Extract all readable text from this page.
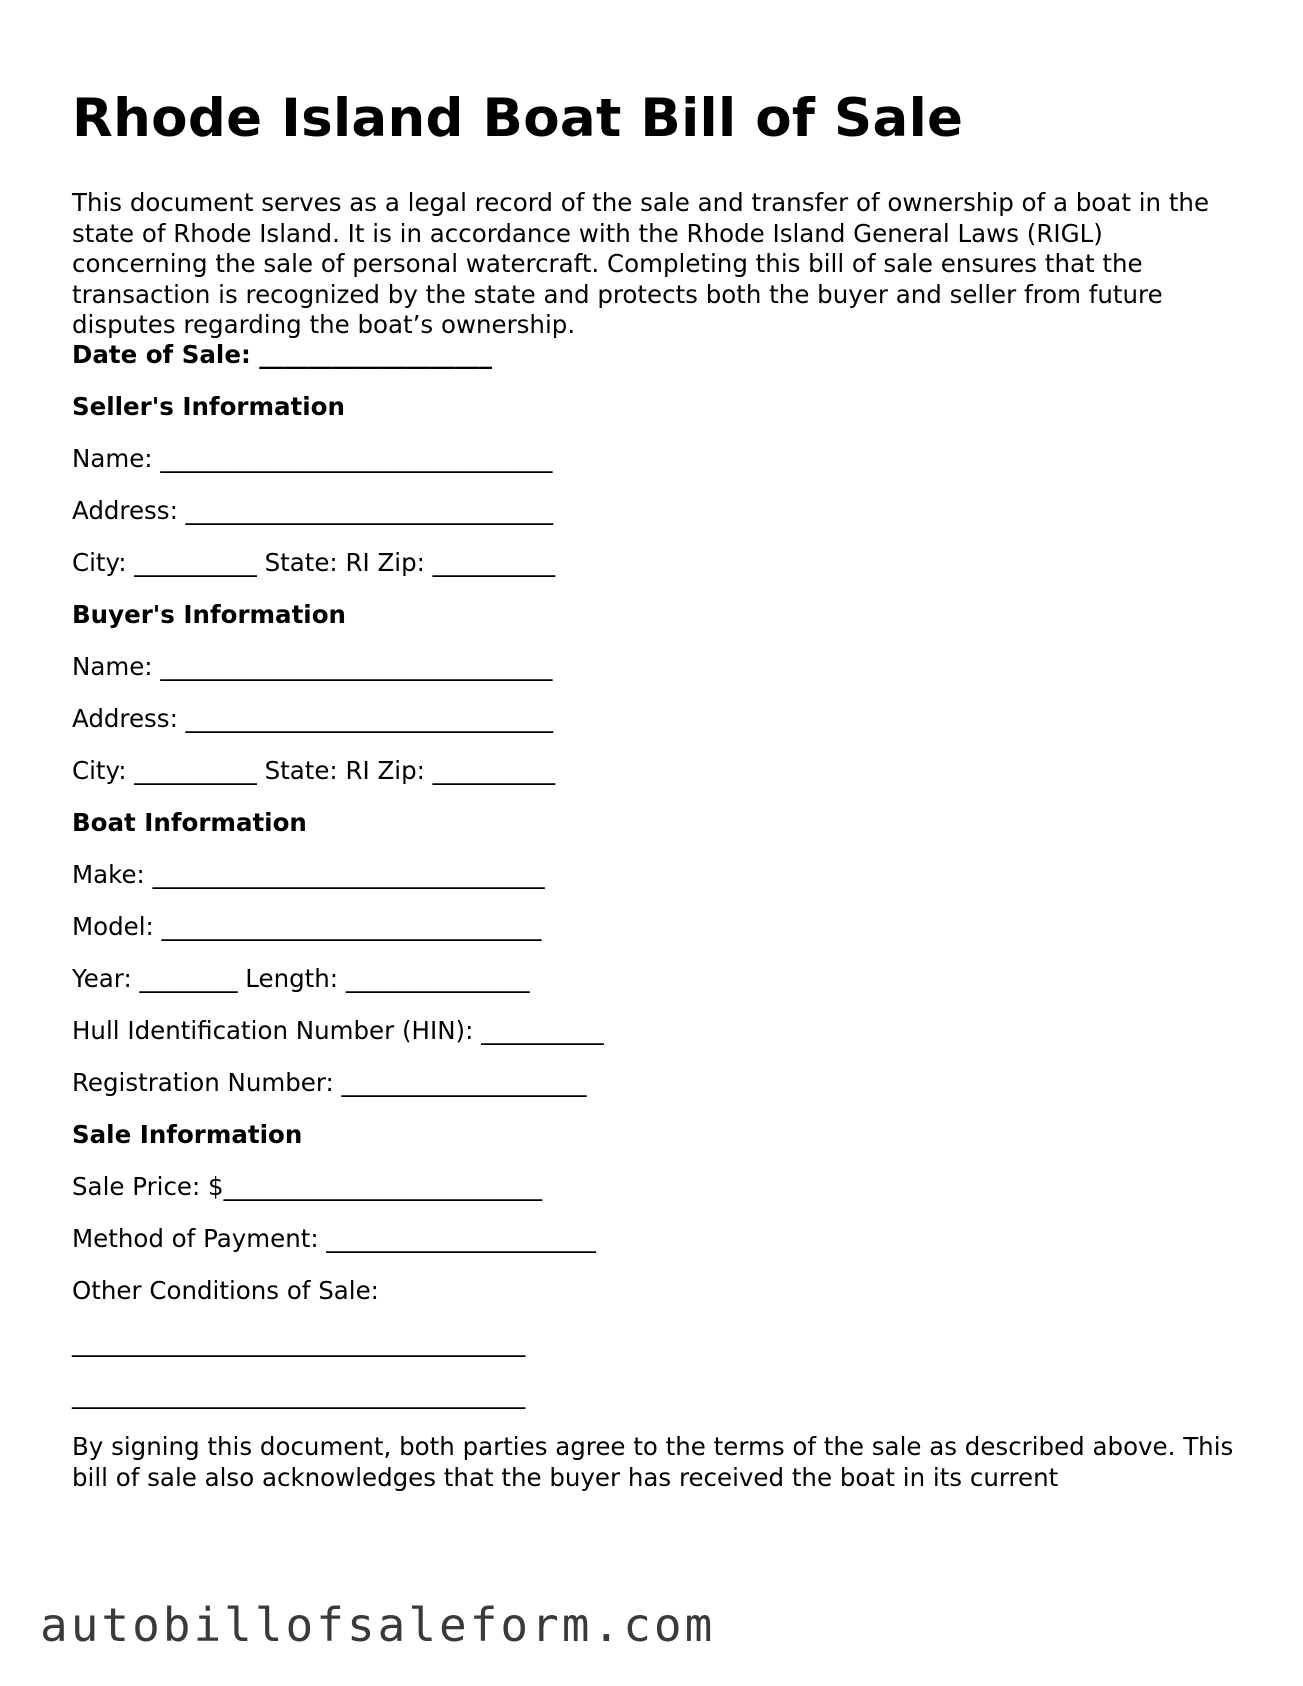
Rhode Island Boat Bill of Sale

This document serves as a legal record of the sale and transfer of ownership of a boat in the state of Rhode Island. It is in accordance with the Rhode Island General Laws (RIGL) concerning the sale of personal watercraft. Completing this bill of sale ensures that the transaction is recognized by the state and protects both the buyer and seller from future disputes regarding the boat’s ownership.

Date of Sale: ___________________

Seller's Information

Name: ________________________________

Address: ______________________________

City: __________ State: RI Zip: __________

Buyer's Information

Name: ________________________________

Address: ______________________________

City: __________ State: RI Zip: __________

Boat Information

Make: ________________________________

Model: _______________________________

Year: ________ Length: _______________

Hull Identification Number (HIN): __________

Registration Number: ____________________

Sale Information

Sale Price: $__________________________

Method of Payment: ______________________

Other Conditions of Sale:

_____________________________________

_____________________________________

By signing this document, both parties agree to the terms of the sale as described above. This bill of sale also acknowledges that the buyer has received the boat in its current

autobillofsaleform.com
